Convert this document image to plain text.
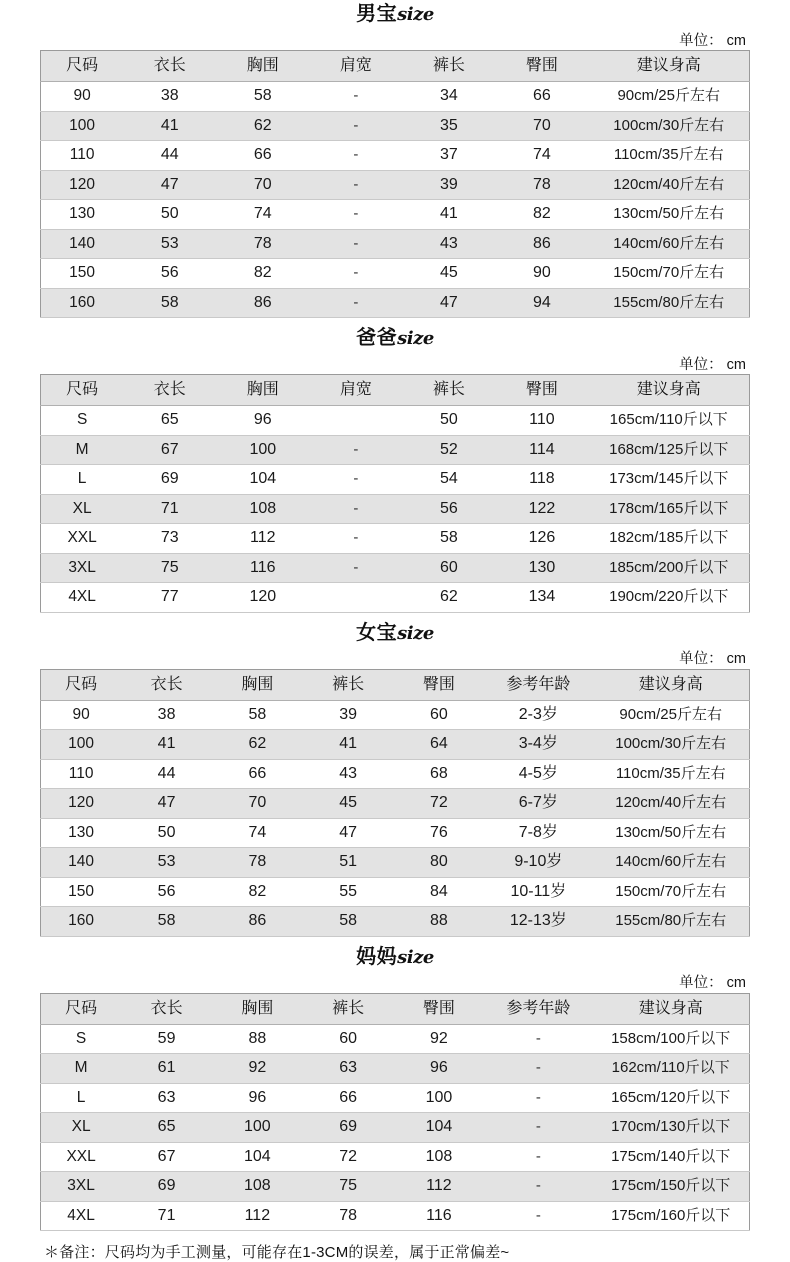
男宝size
单位： cm
尺码	衣长	胸围	肩宽	裤长	臀围	建议身高
90	38	58	-	34	66	90cm/25斤左右
100	41	62	-	35	70	100cm/30斤左右
110	44	66	-	37	74	110cm/35斤左右
120	47	70	-	39	78	120cm/40斤左右
130	50	74	-	41	82	130cm/50斤左右
140	53	78	-	43	86	140cm/60斤左右
150	56	82	-	45	90	150cm/70斤左右
160	58	86	-	47	94	155cm/80斤左右
爸爸size
单位： cm
尺码	衣长	胸围	肩宽	裤长	臀围	建议身高
S	65	96		50	110	165cm/110斤以下
M	67	100	-	52	114	168cm/125斤以下
L	69	104	-	54	118	173cm/145斤以下
XL	71	108	-	56	122	178cm/165斤以下
XXL	73	112	-	58	126	182cm/185斤以下
3XL	75	116	-	60	130	185cm/200斤以下
4XL	77	120		62	134	190cm/220斤以下
女宝size
单位： cm
尺码	衣长	胸围	裤长	臀围	参考年龄	建议身高
90	38	58	39	60	2-3岁	90cm/25斤左右
100	41	62	41	64	3-4岁	100cm/30斤左右
110	44	66	43	68	4-5岁	110cm/35斤左右
120	47	70	45	72	6-7岁	120cm/40斤左右
130	50	74	47	76	7-8岁	130cm/50斤左右
140	53	78	51	80	9-10岁	140cm/60斤左右
150	56	82	55	84	10-11岁	150cm/70斤左右
160	58	86	58	88	12-13岁	155cm/80斤左右
妈妈size
单位： cm
尺码	衣长	胸围	裤长	臀围	参考年龄	建议身高
S	59	88	60	92	-	158cm/100斤以下
M	61	92	63	96	-	162cm/110斤以下
L	63	96	66	100	-	165cm/120斤以下
XL	65	100	69	104	-	170cm/130斤以下
XXL	67	104	72	108	-	175cm/140斤以下
3XL	69	108	75	112	-	175cm/150斤以下
4XL	71	112	78	116	-	175cm/160斤以下
＊备注：尺码均为手工测量，可能存在1-3CM的误差，属于正常偏差~
